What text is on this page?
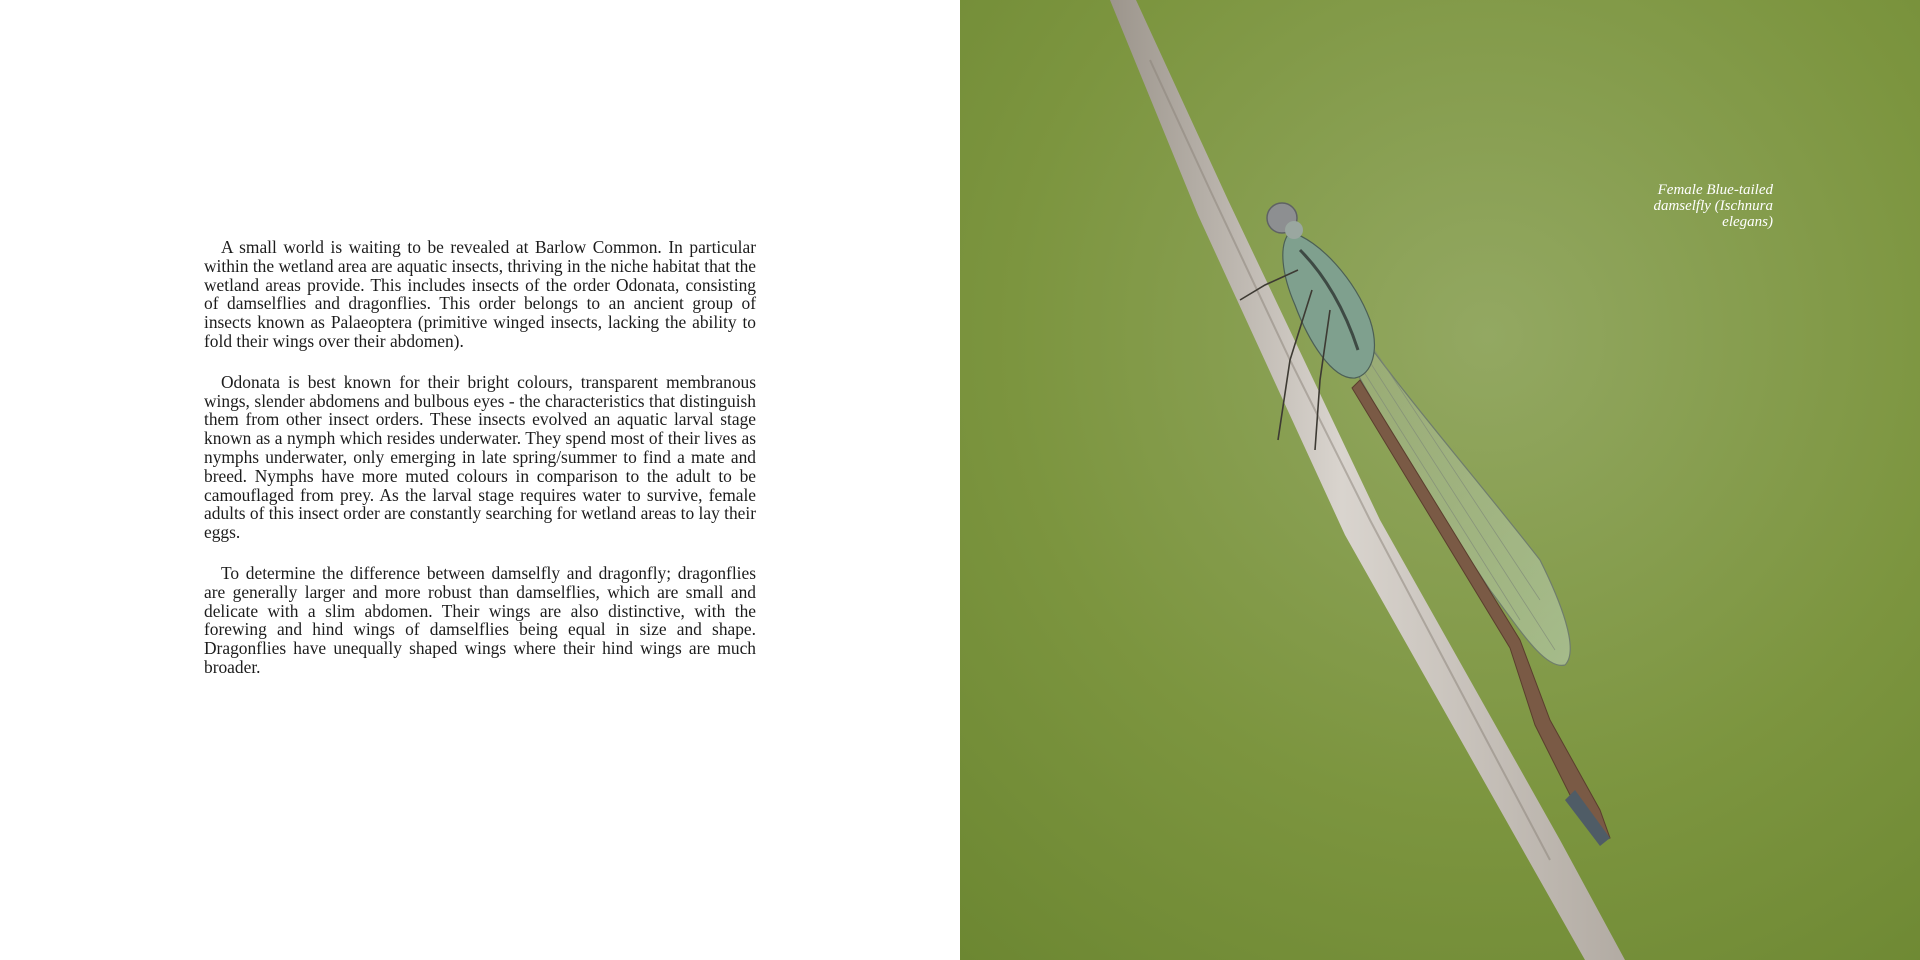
A small world is waiting to be revealed at Barlow Common. In particular within the wetland area are aquatic insects, thriving in the niche habitat that the wetland areas provide. This includes insects of the order Odonata, consisting of damselflies and dragonflies. This order belongs to an ancient group of insects known as Palaeoptera (primitive winged insects, lacking the ability to fold their wings over their abdomen).

Odonata is best known for their bright colours, transparent membranous wings, slender abdomens and bulbous eyes - the characteristics that distinguish them from other insect orders. These insects evolved an aquatic larval stage known as a nymph which resides underwater. They spend most of their lives as nymphs underwater, only emerging in late spring/summer to find a mate and breed. Nymphs have more muted colours in comparison to the adult to be camouflaged from prey. As the larval stage requires water to survive, female adults of this insect order are constantly searching for wetland areas to lay their eggs.

To determine the difference between damselfly and dragonfly; dragonflies are generally larger and more robust than damselflies, which are small and delicate with a slim abdomen. Their wings are also distinctive, with the forewing and hind wings of damselflies being equal in size and shape. Dragonflies have unequally shaped wings where their hind wings are much broader.

Female Blue-tailed damselfly (Ischnura elegans)
